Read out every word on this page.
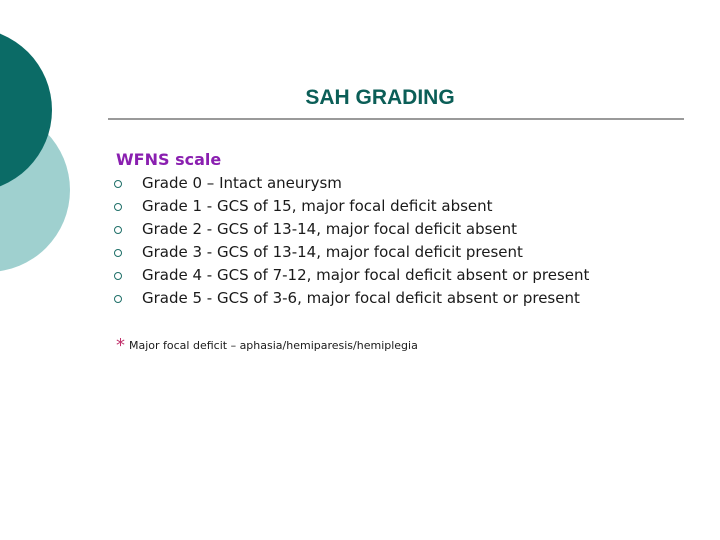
SAH GRADING
WFNS scale
Grade 0 – Intact aneurysm
Grade 1 - GCS of 15, major focal deficit absent
Grade 2 - GCS of 13-14, major focal deficit absent
Grade 3 - GCS of 13-14, major focal deficit present
Grade 4 - GCS of 7-12, major focal deficit absent or present
Grade 5 - GCS of 3-6, major focal deficit absent or present
* Major focal deficit – aphasia/hemiparesis/hemiplegia
